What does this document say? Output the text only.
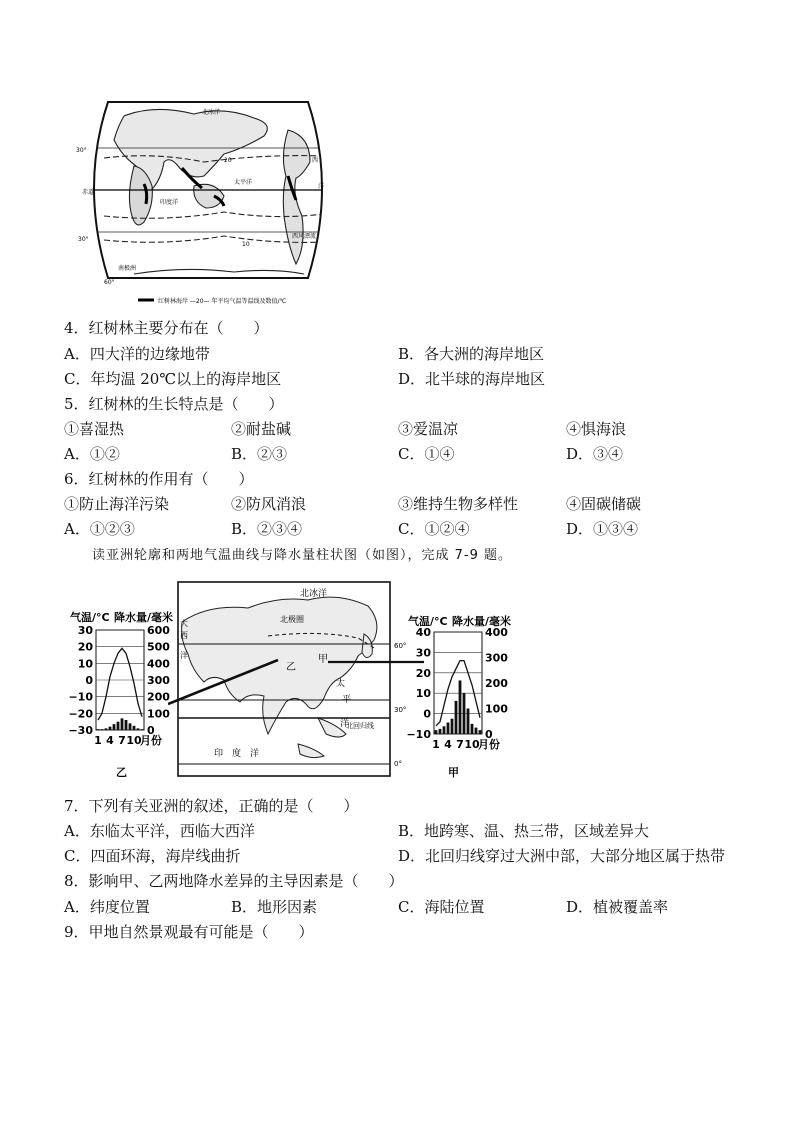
北冰洋
太平洋
印度洋
赤道
西
洋
30°
30°
60°
20
10
南极洲
西风漂流
红树林海岸 —20— 年平均气温等温线及数值/℃
4．红树林主要分布在（　　）
A．四大洋的边缘地带	B．各大洲的海岸地区
C．年均温 20℃以上的海岸地区	D．北半球的海岸地区
5．红树林的生长特点是（　　）
①喜湿热	②耐盐碱	③爱温凉	④惧海浪
A．①②	B．②③	C．①④	D．③④
6．红树林的作用有（　　）
①防止海洋污染	②防风消浪	③维持生物多样性	④固碳储碳
A．①②③	B．②③④	C．①②④	D．①③④
读亚洲轮廓和两地气温曲线与降水量柱状图（如图），完成 7-9 题。
气温/°C 降水量/毫米
30
20
10
0
−10
−20
−30
600
500
400
300
200
100
0
1 4 7 10
月份
乙
北冰洋
北极圈
甲
乙
太
平
洋
北回归线
印　度　洋
大
西
洋
60°
30°
0°
气温/°C 降水量/毫米
40
30
20
10
0
−10
400
300
200
100
0
1 4 7 10
月份
甲
7．下列有关亚洲的叙述，正确的是（　　）
A．东临太平洋，西临大西洋	B．地跨寒、温、热三带，区域差异大
C．四面环海，海岸线曲折	D．北回归线穿过大洲中部，大部分地区属于热带
8．影响甲、乙两地降水差异的主导因素是（　　）
A．纬度位置	B．地形因素	C．海陆位置	D．植被覆盖率
9．甲地自然景观最有可能是（　　）
